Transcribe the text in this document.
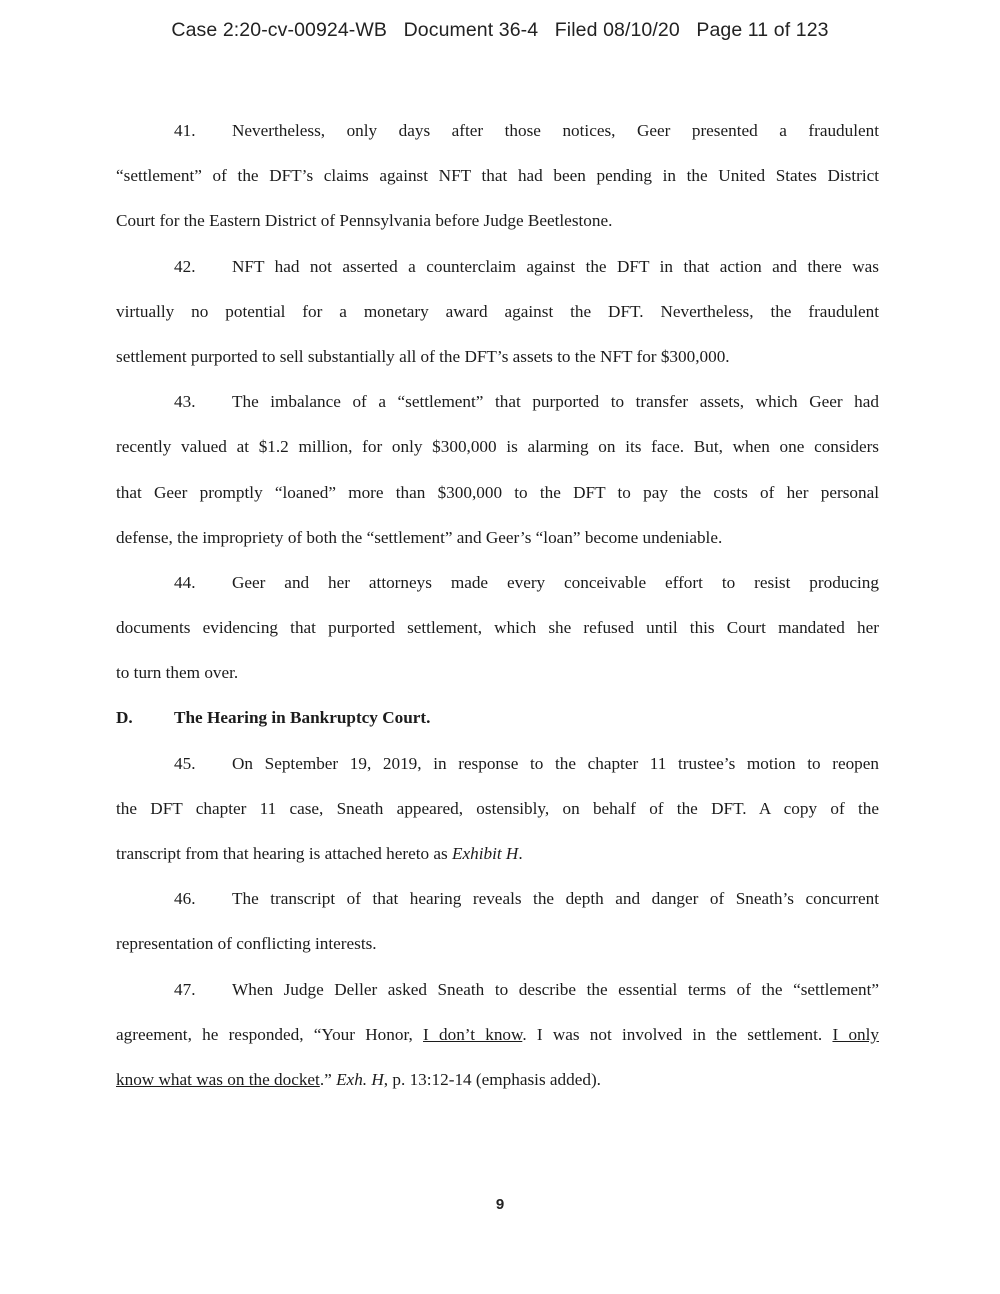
Case 2:20-cv-00924-WB Document 36-4 Filed 08/10/20 Page 11 of 123
41. Nevertheless, only days after those notices, Geer presented a fraudulent
“settlement” of the DFT’s claims against NFT that had been pending in the United States District
Court for the Eastern District of Pennsylvania before Judge Beetlestone.
42. NFT had not asserted a counterclaim against the DFT in that action and there was
virtually no potential for a monetary award against the DFT. Nevertheless, the fraudulent
settlement purported to sell substantially all of the DFT’s assets to the NFT for $300,000.
43. The imbalance of a “settlement” that purported to transfer assets, which Geer had
recently valued at $1.2 million, for only $300,000 is alarming on its face. But, when one considers
that Geer promptly “loaned” more than $300,000 to the DFT to pay the costs of her personal
defense, the impropriety of both the “settlement” and Geer’s “loan” become undeniable.
44. Geer and her attorneys made every conceivable effort to resist producing
documents evidencing that purported settlement, which she refused until this Court mandated her
to turn them over.
D. The Hearing in Bankruptcy Court.
45. On September 19, 2019, in response to the chapter 11 trustee’s motion to reopen
the DFT chapter 11 case, Sneath appeared, ostensibly, on behalf of the DFT. A copy of the
transcript from that hearing is attached hereto as Exhibit H.
46. The transcript of that hearing reveals the depth and danger of Sneath’s concurrent
representation of conflicting interests.
47. When Judge Deller asked Sneath to describe the essential terms of the “settlement”
agreement, he responded, “Your Honor, I don’t know. I was not involved in the settlement. I only
know what was on the docket.” Exh. H, p. 13:12-14 (emphasis added).
9
